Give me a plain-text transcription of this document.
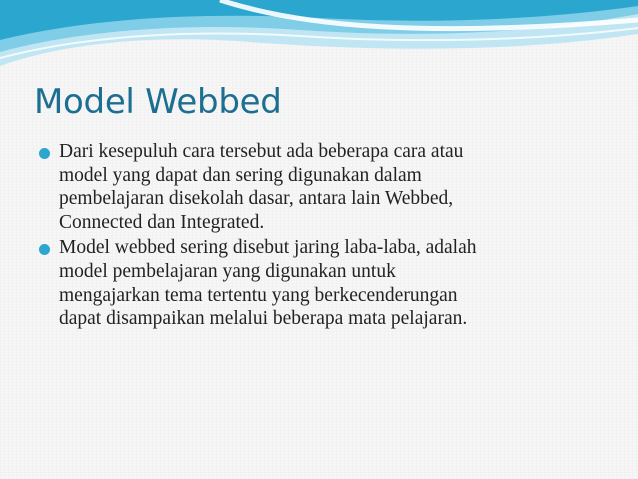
Model Webbed
Dari kesepuluh cara tersebut ada beberapa cara atau
model yang dapat dan sering digunakan dalam
pembelajaran disekolah dasar, antara lain Webbed,
Connected dan Integrated.
Model webbed sering disebut jaring laba-laba, adalah
model pembelajaran yang digunakan untuk
mengajarkan tema tertentu yang berkecenderungan
dapat disampaikan melalui beberapa mata pelajaran.
